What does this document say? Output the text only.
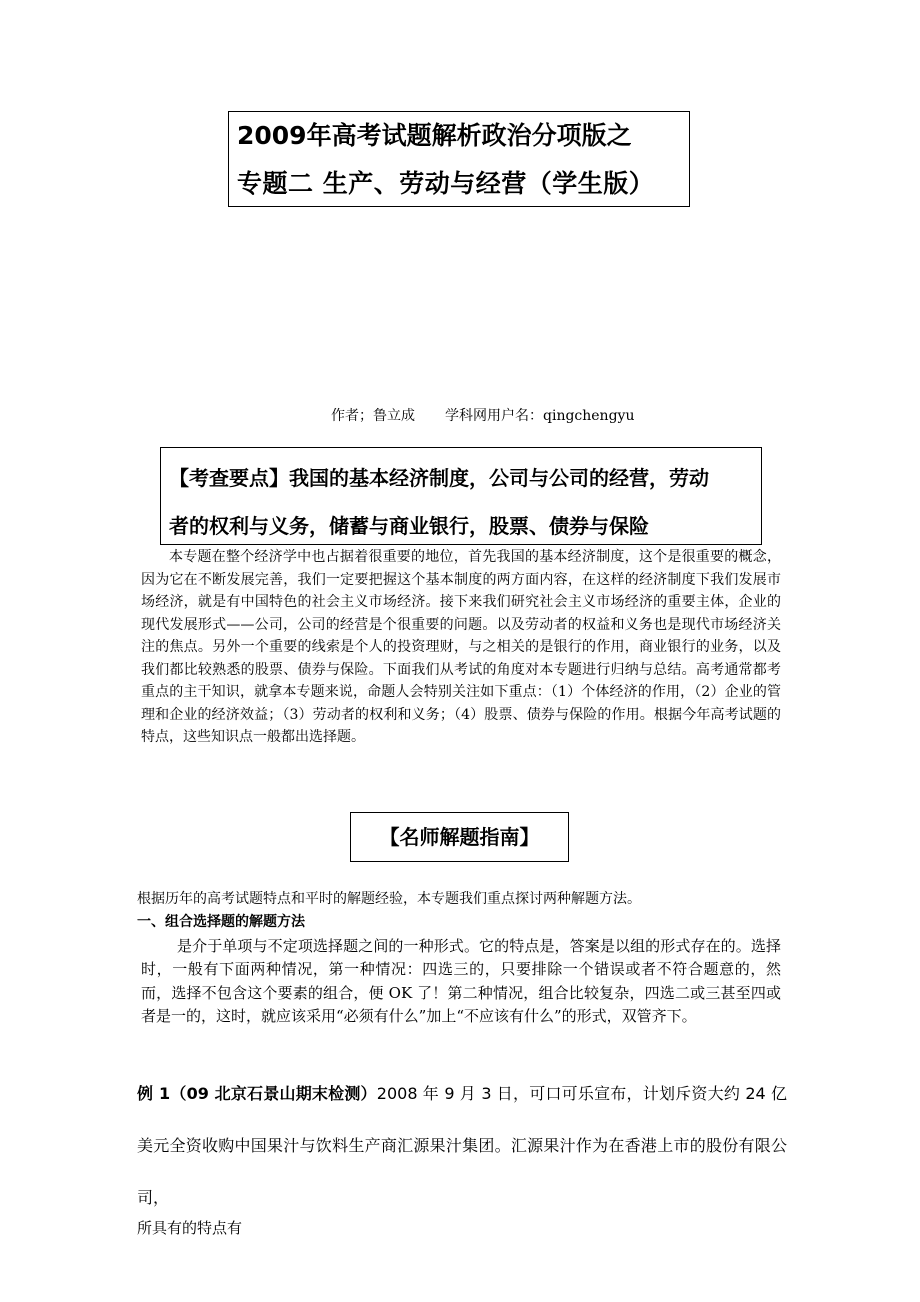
2009年高考试题解析政治分项版之
专题二 生产、劳动与经营（学生版）
作者；鲁立成 学科网用户名：qingchengyu
【考查要点】我国的基本经济制度，公司与公司的经营，劳动
者的权利与义务，储蓄与商业银行，股票、债券与保险
本专题在整个经济学中也占据着很重要的地位，首先我国的基本经济制度，这个是很重要的概念，因为它在不断发展完善，我们一定要把握这个基本制度的两方面内容，在这样的经济制度下我们发展市场经济，就是有中国特色的社会主义市场经济。接下来我们研究社会主义市场经济的重要主体，企业的现代发展形式——公司，公司的经营是个很重要的问题。以及劳动者的权益和义务也是现代市场经济关注的焦点。另外一个重要的线索是个人的投资理财，与之相关的是银行的作用，商业银行的业务，以及我们都比较熟悉的股票、债券与保险。下面我们从考试的角度对本专题进行归纳与总结。高考通常都考重点的主干知识，就拿本专题来说，命题人会特别关注如下重点：（1）个体经济的作用，（2）企业的管理和企业的经济效益；（3）劳动者的权利和义务；（4）股票、债券与保险的作用。根据今年高考试题的特点，这些知识点一般都出选择题。
【名师解题指南】
根据历年的高考试题特点和平时的解题经验，本专题我们重点探讨两种解题方法。
一、组合选择题的解题方法
是介于单项与不定项选择题之间的一种形式。它的特点是，答案是以组的形式存在的。选择时，一般有下面两种情况，第一种情况：四选三的，只要排除一个错误或者不符合题意的，然而，选择不包含这个要素的组合，便 OK 了！第二种情况，组合比较复杂，四选二或三甚至四或者是一的，这时，就应该采用“必须有什么”加上“不应该有什么”的形式，双管齐下。
例 1（09 北京石景山期末检测）2008 年 9 月 3 日，可口可乐宣布，计划斥资大约 24 亿美元全资收购中国果汁与饮料生产商汇源果汁集团。汇源果汁作为在香港上市的股份有限公司，
所具有的特点有
